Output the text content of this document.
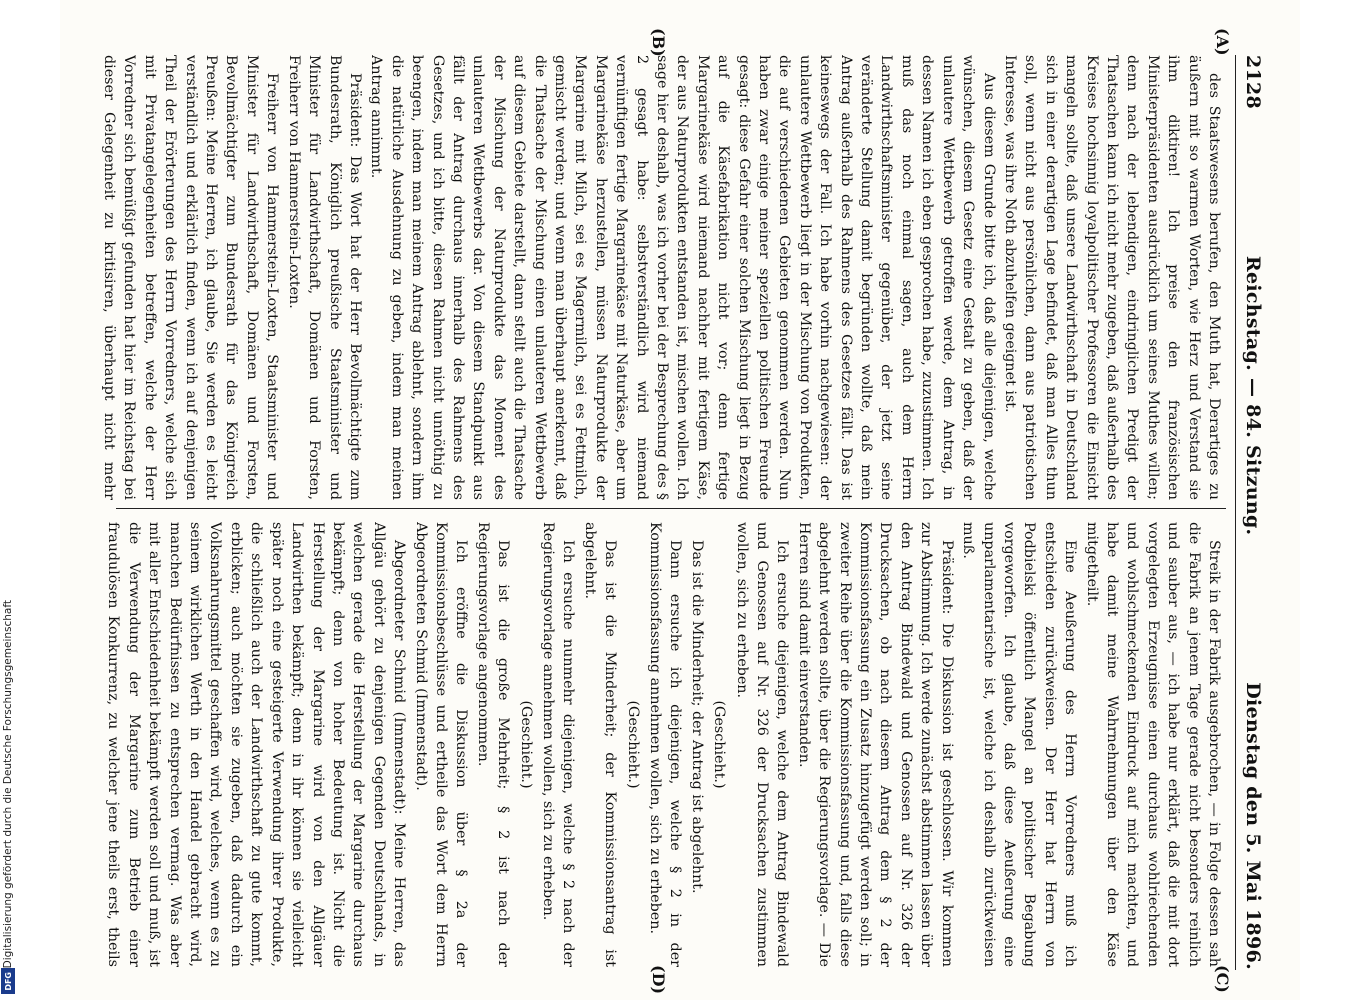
2128
Reichstag. — 84. Sitzung.
Dienstag den 5. Mai 1896.
(A)
(B)
(C)
(D)

des Staatswesens berufen, den Muth hat, Derartiges zu äußern mit so warmen Worten, wie Herz und Verstand sie ihm diktiren! Ich preise den französischen Ministerpräsidenten ausdrücklich um seines Muthes willen; denn nach der lebendigen, eindringlichen Predigt der Thatsachen kann ich nicht mehr zugeben, daß außerhalb des Kreises hochsinnig loyalpolitischer Professoren die Einsicht mangeln sollte, daß unsere Landwirthschaft in Deutschland sich in einer derartigen Lage befindet, daß man Alles thun soll, wenn nicht aus persönlichen, dann aus patriotischen Interesse, was ihre Noth abzuhelfen geeignet ist.

Aus diesem Grunde bitte ich, daß alle diejenigen, welche wünschen, diesem Gesetz eine Gestalt zu geben, daß der unlautere Wettbewerb getroffen werde, dem Antrag, in dessen Namen ich eben gesprochen habe, zuzustimmen. Ich muß das noch einmal sagen, auch dem Herrn Landwirthschaftsminister gegenüber, der jetzt seine veränderte Stellung damit begründen wollte, daß mein Antrag außerhalb des Rahmens des Gesetzes fällt. Das ist keineswegs der Fall. Ich habe vorhin nachgewiesen: der unlautere Wettbewerb liegt in der Mischung von Produkten, die auf verschiedenen Gebieten genommen werden. Nun haben zwar einige meiner speziellen politischen Freunde gesagt: diese Gefahr einer solchen Mischung liegt in Bezug auf die Käsefabrikation nicht vor; denn fertige Margarinekäse wird niemand nachher mit fertigem Käse, der aus Naturprodukten entstanden ist, mischen wollen. Ich sage hier deshalb, was ich vorher bei der Besprechung des § 2 gesagt habe: selbstverständlich wird niemand vernünftigen fertige Margarinekäse mit Naturkäse, aber um Margarinekäse herzustellen, müssen Naturprodukte der Margarine mit Milch, sei es Magermilch, sei es Fettmilch, gemischt werden; und wenn man überhaupt anerkennt, daß die Thatsache der Mischung einen unlauteren Wettbewerb auf diesem Gebiete darstellt, dann stellt auch die Thatsache der Mischung der Naturprodukte das Moment des unlauteren Wettbewerbs dar. Von diesem Standpunkt aus fällt der Antrag durchaus innerhalb des Rahmens des Gesetzes, und ich bitte, diesen Rahmen nicht unnöthig zu beengen, indem man meinem Antrag ablehnt, sondern ihm die natürliche Ausdehnung zu geben, indem man meinen Antrag annimmt.

Präsident: Das Wort hat der Herr Bevollmächtigte zum Bundesrath, Königlich preußische Staatsminister und Minister für Landwirthschaft, Domänen und Forsten, Freiherr von Hammerstein-Loxten.

Freiherr von Hammerstein-Loxten, Staatsminister und Minister für Landwirthschaft, Domänen und Forsten, Bevollmächtigter zum Bundesrath für das Königreich Preußen: Meine Herren, ich glaube, Sie werden es leicht verständlich und erklärlich finden, wenn ich auf denjenigen Theil der Erörterungen des Herrn Vorredners, welche sich mit Privatangelegenheiten betreffen, welche der Herr Vorredner sich bemüßigt gefunden hat hier im Reichstag bei dieser Gelegenheit zu kritisiren, überhaupt nicht mehr

Streik in der Fabrik ausgebrochen, — in Folge dessen sah die Fabrik an jenem Tage gerade nicht besonders reinlich und sauber aus, — ich habe nur erklärt, daß die mit dort vorgelegten Erzeugnisse einen durchaus wohlriechenden und wohlschmeckenden Eindruck auf mich machten, und habe damit meine Wahrnehmungen über den Käse mitgetheilt.

Eine Aeußerung des Herrn Vorredners muß ich entschieden zurückweisen. Der Herr hat Herrn von Podbielski öffentlich Mangel an politischer Begabung vorgeworfen. Ich glaube, daß diese Aeußerung eine unparlamentarische ist, welche ich deshalb zurückweisen muß.

Präsident: Die Diskussion ist geschlossen. Wir kommen zur Abstimmung. Ich werde zunächst abstimmen lassen über den Antrag Bindewald und Genossen auf Nr. 326 der Drucksachen, ob nach diesem Antrag dem § 2 der Kommissionsfassung ein Zusatz hinzugefügt werden soll; in zweiter Reihe über die Kommissionsfassung und, falls diese abgelehnt werden sollte, über die Regierungsvorlage. — Die Herren sind damit einverstanden.

Ich ersuche diejenigen, welche dem Antrag Bindewald und Genossen auf Nr. 326 der Drucksachen zustimmen wollen, sich zu erheben.

(Geschieht.)

Das ist die Minderheit; der Antrag ist abgelehnt.

Dann ersuche ich diejenigen, welche § 2 in der Kommissionsfassung annehmen wollen, sich zu erheben.

(Geschieht.)

Das ist die Minderheit; der Kommissionsantrag ist abgelehnt.

Ich ersuche nunmehr diejenigen, welche § 2 nach der Regierungsvorlage annehmen wollen, sich zu erheben.

(Geschieht.)

Das ist die große Mehrheit; § 2 ist nach der Regierungsvorlage angenommen.

Ich eröffne die Diskussion über § 2a der Kommissionsbeschlüsse und ertheile das Wort dem Herrn Abgeordneten Schmid (Immenstadt).

Abgeordneter Schmid (Immenstadt): Meine Herren, das Allgäu gehört zu denjenigen Gegenden Deutschlands, in welchen gerade die Herstellung der Margarine durchaus bekämpft; denn von hoher Bedeutung ist. Nicht die Herstellung der Margarine wird von den Allgäuer Landwirthen bekämpft; denn in ihr können sie vielleicht später noch eine gesteigerte Verwendung ihrer Produkte, die schließlich auch der Landwirthschaft zu gute kommt, erblicken; auch möchten sie zugeben, daß dadurch ein Volksnahrungsmittel geschaffen wird, welches, wenn es zu seinem wirklichen Werth in den Handel gebracht wird, manchen Bedürfnissen zu entsprechen vermag. Was aber mit aller Entschiedenheit bekämpft werden soll und muß, ist die Verwendung der Margarine zum Betrieb einer fraudulösen Konkurrenz, zu welcher jene theils erst, theils

Digitalisierung gefördert durch die Deutsche Forschungsgemeinschaft
DFG
